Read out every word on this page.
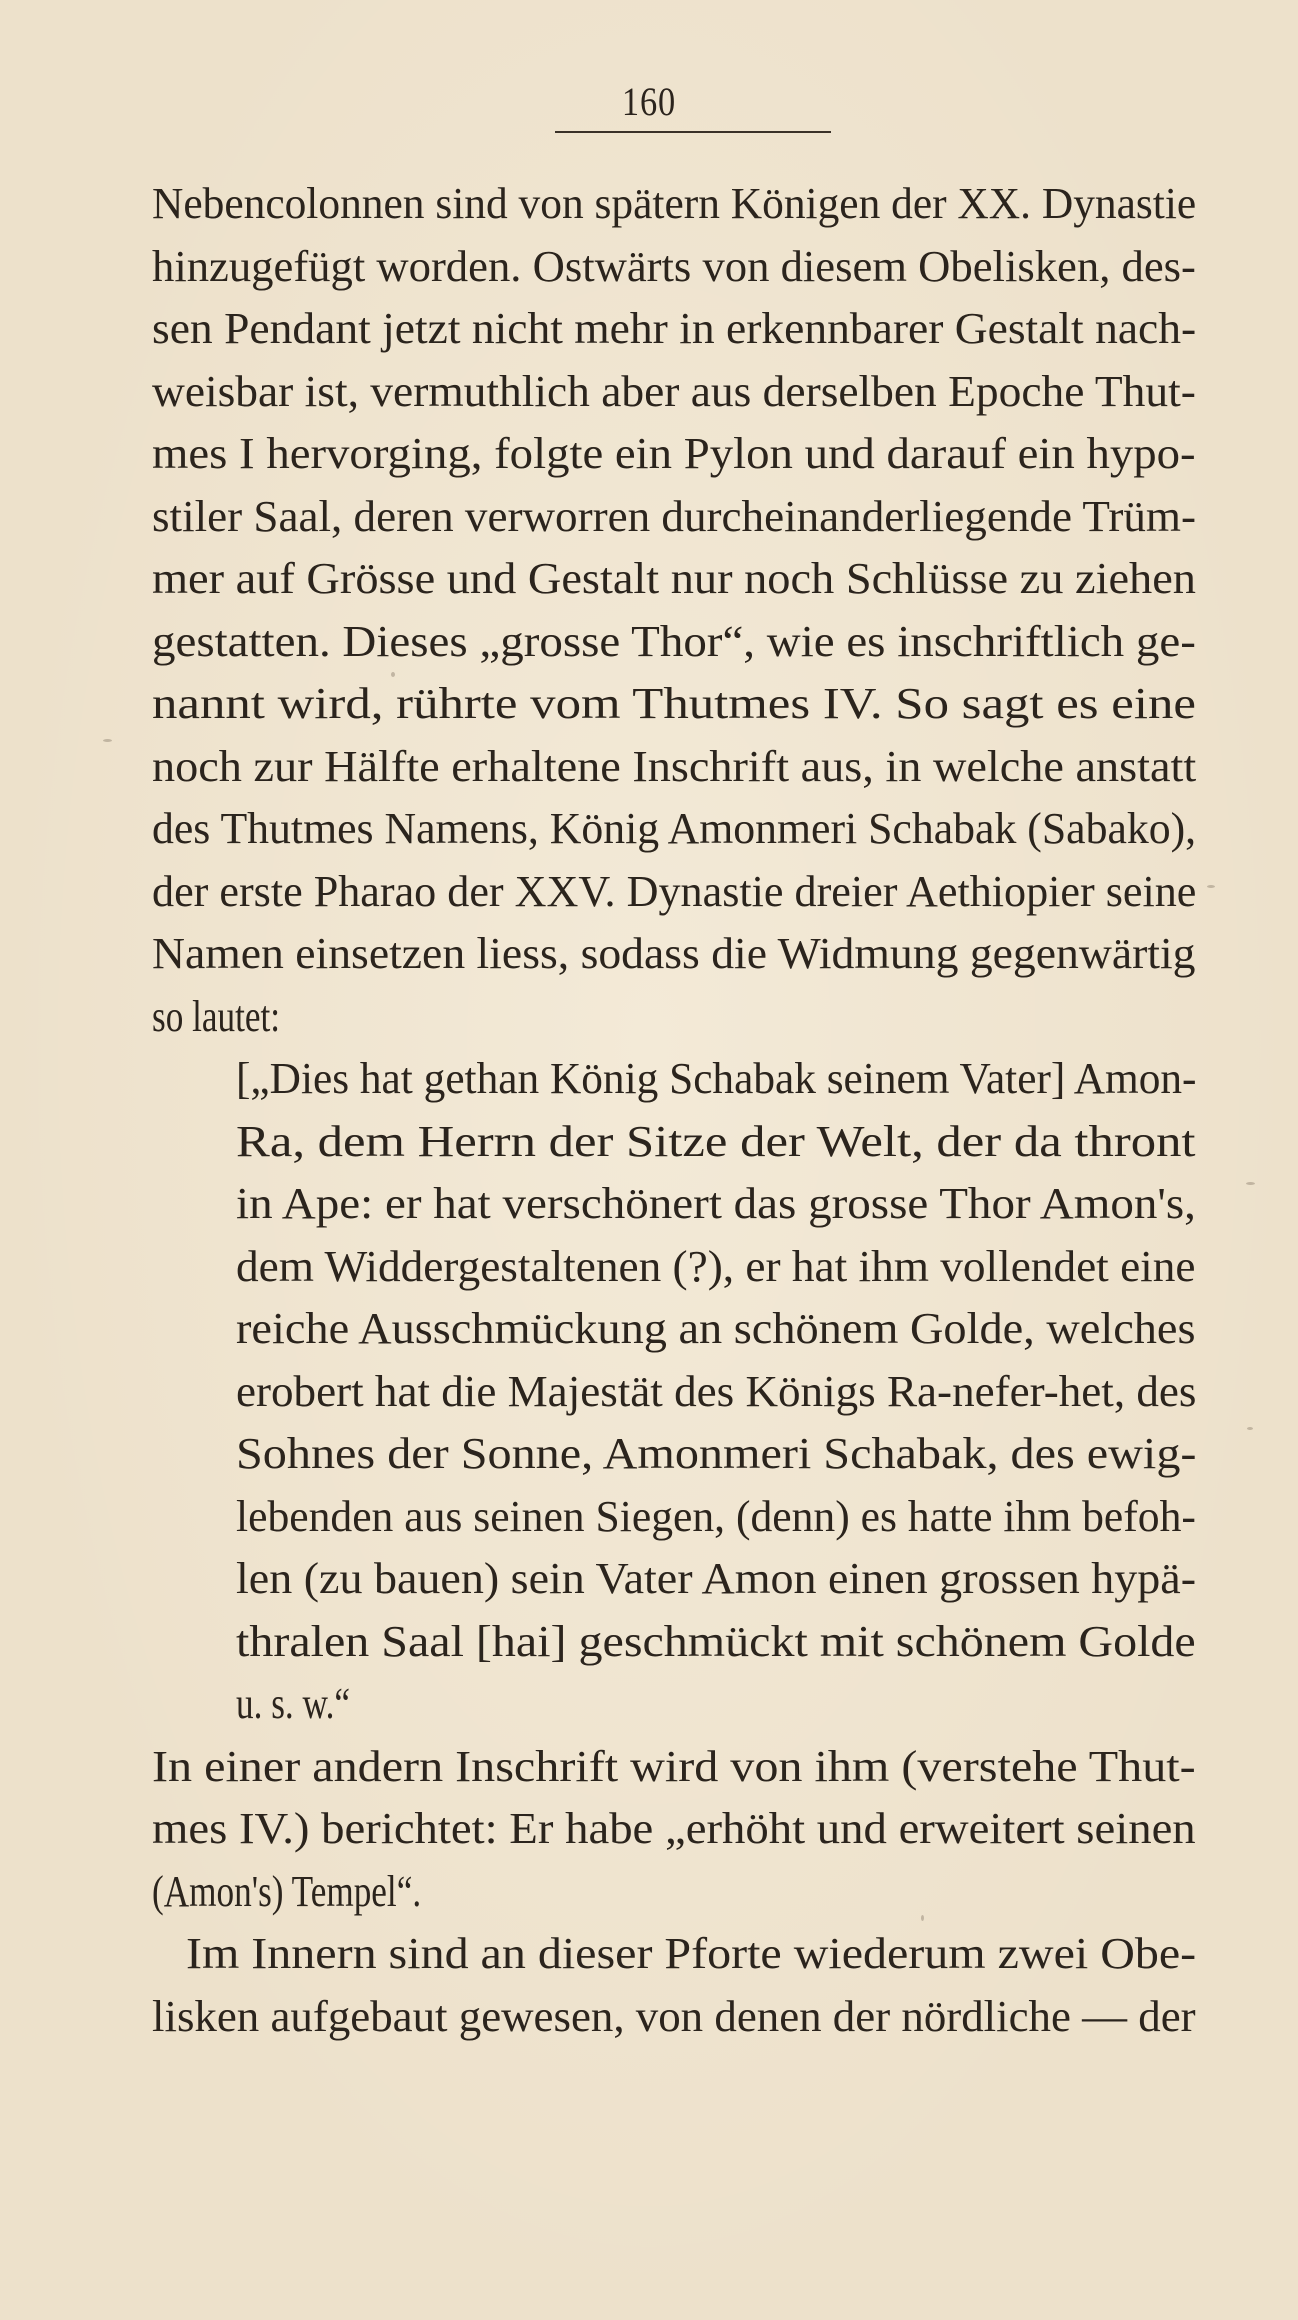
160
Nebencolonnen sind von spätern Königen der XX. Dynastie
hinzugefügt worden. Ostwärts von diesem Obelisken, des-
sen Pendant jetzt nicht mehr in erkennbarer Gestalt nach-
weisbar ist, vermuthlich aber aus derselben Epoche Thut-
mes I hervorging, folgte ein Pylon und darauf ein hypo-
stiler Saal, deren verworren durcheinanderliegende Trüm-
mer auf Grösse und Gestalt nur noch Schlüsse zu ziehen
gestatten. Dieses „grosse Thor“, wie es inschriftlich ge-
nannt wird, rührte vom Thutmes IV. So sagt es eine
noch zur Hälfte erhaltene Inschrift aus, in welche anstatt
des Thutmes Namens, König Amonmeri Schabak (Sabako),
der erste Pharao der XXV. Dynastie dreier Aethiopier seine
Namen einsetzen liess, sodass die Widmung gegenwärtig
so lautet:
[„Dies hat gethan König Schabak seinem Vater] Amon-
Ra, dem Herrn der Sitze der Welt, der da thront
in Ape: er hat verschönert das grosse Thor Amon's,
dem Widdergestaltenen (?), er hat ihm vollendet eine
reiche Ausschmückung an schönem Golde, welches
erobert hat die Majestät des Königs Ra-nefer-het, des
Sohnes der Sonne, Amonmeri Schabak, des ewig-
lebenden aus seinen Siegen, (denn) es hatte ihm befoh-
len (zu bauen) sein Vater Amon einen grossen hypä-
thralen Saal [hai] geschmückt mit schönem Golde
u. s. w.“
In einer andern Inschrift wird von ihm (verstehe Thut-
mes IV.) berichtet: Er habe „erhöht und erweitert seinen
(Amon's) Tempel“.
Im Innern sind an dieser Pforte wiederum zwei Obe-
lisken aufgebaut gewesen, von denen der nördliche — der
